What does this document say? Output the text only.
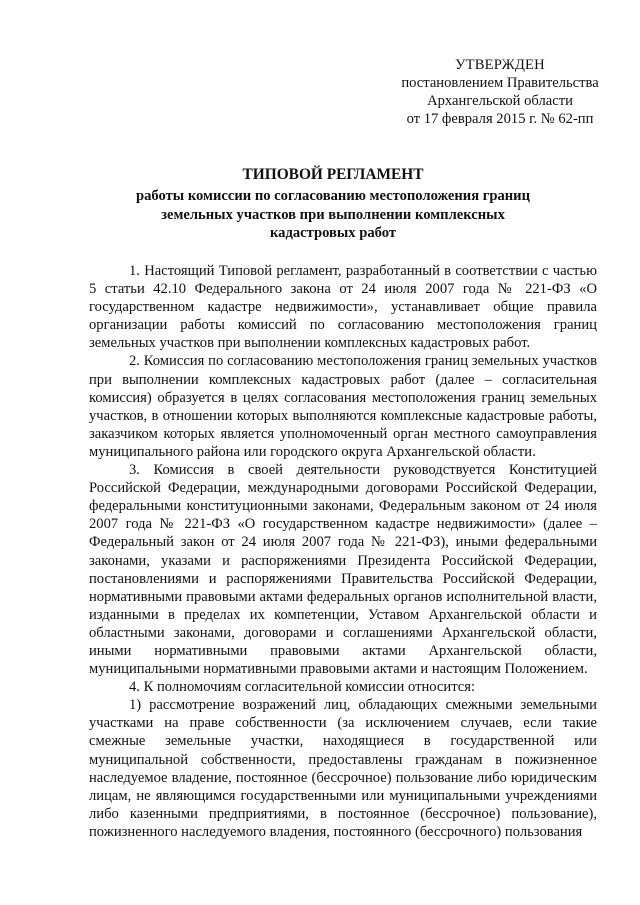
УТВЕРЖДЕН
постановлением Правительства
Архангельской области
от 17 февраля 2015 г. № 62-пп
ТИПОВОЙ РЕГЛАМЕНТ
работы комиссии по согласованию местоположения границ
земельных участков при выполнении комплексных
кадастровых работ

1. Настоящий Типовой регламент, разработанный в соответствии с частью 5 статьи 42.10 Федерального закона от 24 июля 2007 года № 221-ФЗ «О государственном кадастре недвижимости», устанавливает общие правила организации работы комиссий по согласованию местоположения границ земельных участков при выполнении комплексных кадастровых работ.

2. Комиссия по согласованию местоположения границ земельных участков при выполнении комплексных кадастровых работ (далее – согласительная комиссия) образуется в целях согласования местоположения границ земельных участков, в отношении которых выполняются комплексные кадастровые работы, заказчиком которых является уполномоченный орган местного самоуправления муниципального района или городского округа Архангельской области.

3. Комиссия в своей деятельности руководствуется Конституцией Российской Федерации, международными договорами Российской Федерации, федеральными конституционными законами, Федеральным законом от 24 июля 2007 года № 221-ФЗ «О государственном кадастре недвижимости» (далее – Федеральный закон от 24 июля 2007 года № 221-ФЗ), иными федеральными законами, указами и распоряжениями Президента Российской Федерации, постановлениями и распоряжениями Правительства Российской Федерации, нормативными правовыми актами федеральных органов исполнительной власти, изданными в пределах их компетенции, Уставом Архангельской области и областными законами, договорами и соглашениями Архангельской области, иными нормативными правовыми актами Архангельской области, муниципальными нормативными правовыми актами и настоящим Положением.

4. К полномочиям согласительной комиссии относится:

1) рассмотрение возражений лиц, обладающих смежными земельными участками на праве собственности (за исключением случаев, если такие смежные земельные участки, находящиеся в государственной или муниципальной собственности, предоставлены гражданам в пожизненное наследуемое владение, постоянное (бессрочное) пользование либо юридическим лицам, не являющимся государственными или муниципальными учреждениями либо казенными предприятиями, в постоянное (бессрочное) пользование), пожизненного наследуемого владения, постоянного (бессрочного) пользования
